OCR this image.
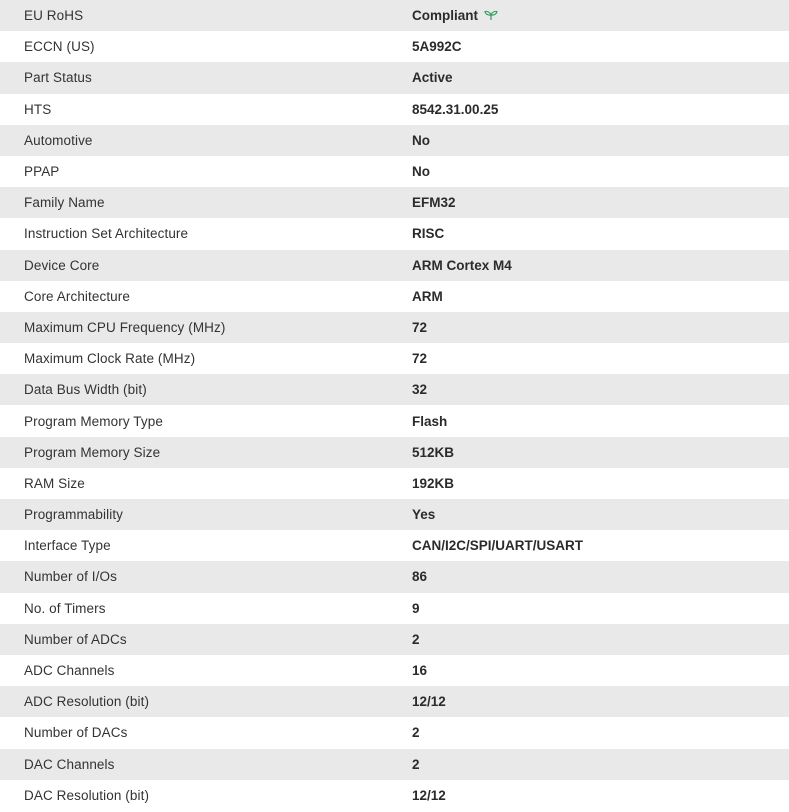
EU RoHS	Compliant
ECCN (US)	5A992C
Part Status	Active
HTS	8542.31.00.25
Automotive	No
PPAP	No
Family Name	EFM32
Instruction Set Architecture	RISC
Device Core	ARM Cortex M4
Core Architecture	ARM
Maximum CPU Frequency (MHz)	72
Maximum Clock Rate (MHz)	72
Data Bus Width (bit)	32
Program Memory Type	Flash
Program Memory Size	512KB
RAM Size	192KB
Programmability	Yes
Interface Type	CAN/I2C/SPI/UART/USART
Number of I/Os	86
No. of Timers	9
Number of ADCs	2
ADC Channels	16
ADC Resolution (bit)	12/12
Number of DACs	2
DAC Channels	2
DAC Resolution (bit)	12/12
